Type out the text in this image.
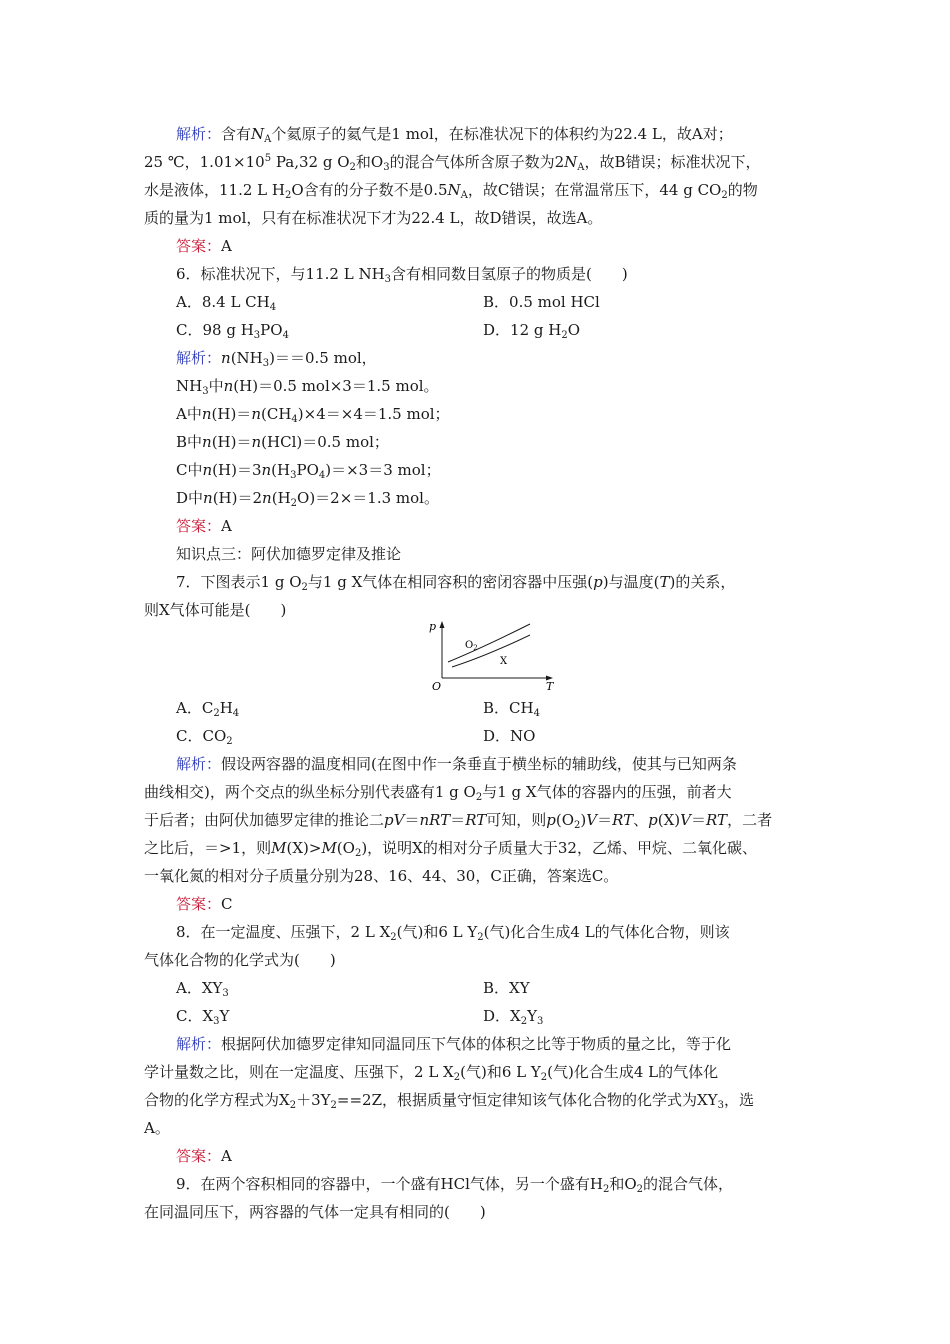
解析：含有$N_A$个氦原子的氦气是1 mol，在标准状况下的体积约为22.4 L，故A对；
25 ℃，$1.01\times 10^5$ Pa,32 g $O_2$和$O_3$的混合气体所含原子数为$2N_A$，故B错误；标准状况下，
水是液体，11.2 L $H_2O$含有的分子数不是$0.5N_A$，故C错误；在常温常压下，44 g $CO_2$的物
质的量为1 mol，只有在标准状况下才为22.4 L，故D错误，故选A。
答案：A
6．标准状况下，与11.2 L $NH_3$含有相同数目氢原子的物质是(　　)
A．8.4 L $CH_4$	B．0.5 mol HCl
C．98 g $H_3PO_4$	D．12 g $H_2O$
解析：$n(NH_3)==0.5$ mol，
$NH_3$中n(H)＝0.5 mol×3＝1.5 mol。
A中$n(H)=n(CH_4)\times 4=\times 4=1.5$ mol；
B中n(H)＝n(HCl)＝0.5 mol；
C中$n(H)=3n(H_3PO_4)=\times 3=3$ mol；
D中$n(H)=2n(H_2O)=2\times=1.3$ mol。
答案：A
知识点三：阿伏加德罗定律及推论
7．下图表示1 g $O_2$与1 g X气体在相同容积的密闭容器中压强(p)与温度(T)的关系，
则X气体可能是(　　)
p
T
O
$O_2$
X
A．$C_2H_4$	B．$CH_4$
C．$CO_2$	D．NO
解析：假设两容器的温度相同(在图中作一条垂直于横坐标的辅助线，使其与已知两条
曲线相交)，两个交点的纵坐标分别代表盛有1 g $O_2$与1 g X气体的容器内的压强，前者大
于后者；由阿伏加德罗定律的推论二pV＝nRT＝RT可知，则$p(O_2)V=RT$、p(X)V＝RT，二者
之比后，＝>1，则$M(X)>M(O_2)$，说明X的相对分子质量大于32，乙烯、甲烷、二氧化碳、
一氧化氮的相对分子质量分别为28、16、44、30，C正确，答案选C。
答案：C
8．在一定温度、压强下，2 L $X_2$(气)和6 L $Y_2$(气)化合生成4 L的气体化合物，则该
气体化合物的化学式为(　　)
A．$XY_3$	B．XY
C．$X_3Y$	D．$X_2Y_3$
解析：根据阿伏加德罗定律知同温同压下气体的体积之比等于物质的量之比，等于化
学计量数之比，则在一定温度、压强下，2 L $X_2$(气)和6 L $Y_2$(气)化合生成4 L的气体化
合物的化学方程式为$X_2+3Y_2==2Z$，根据质量守恒定律知该气体化合物的化学式为$XY_3$，选
A。
答案：A
9．在两个容积相同的容器中，一个盛有HCl气体，另一个盛有$H_2$和$O_2$的混合气体，
在同温同压下，两容器的气体一定具有相同的(　　)
